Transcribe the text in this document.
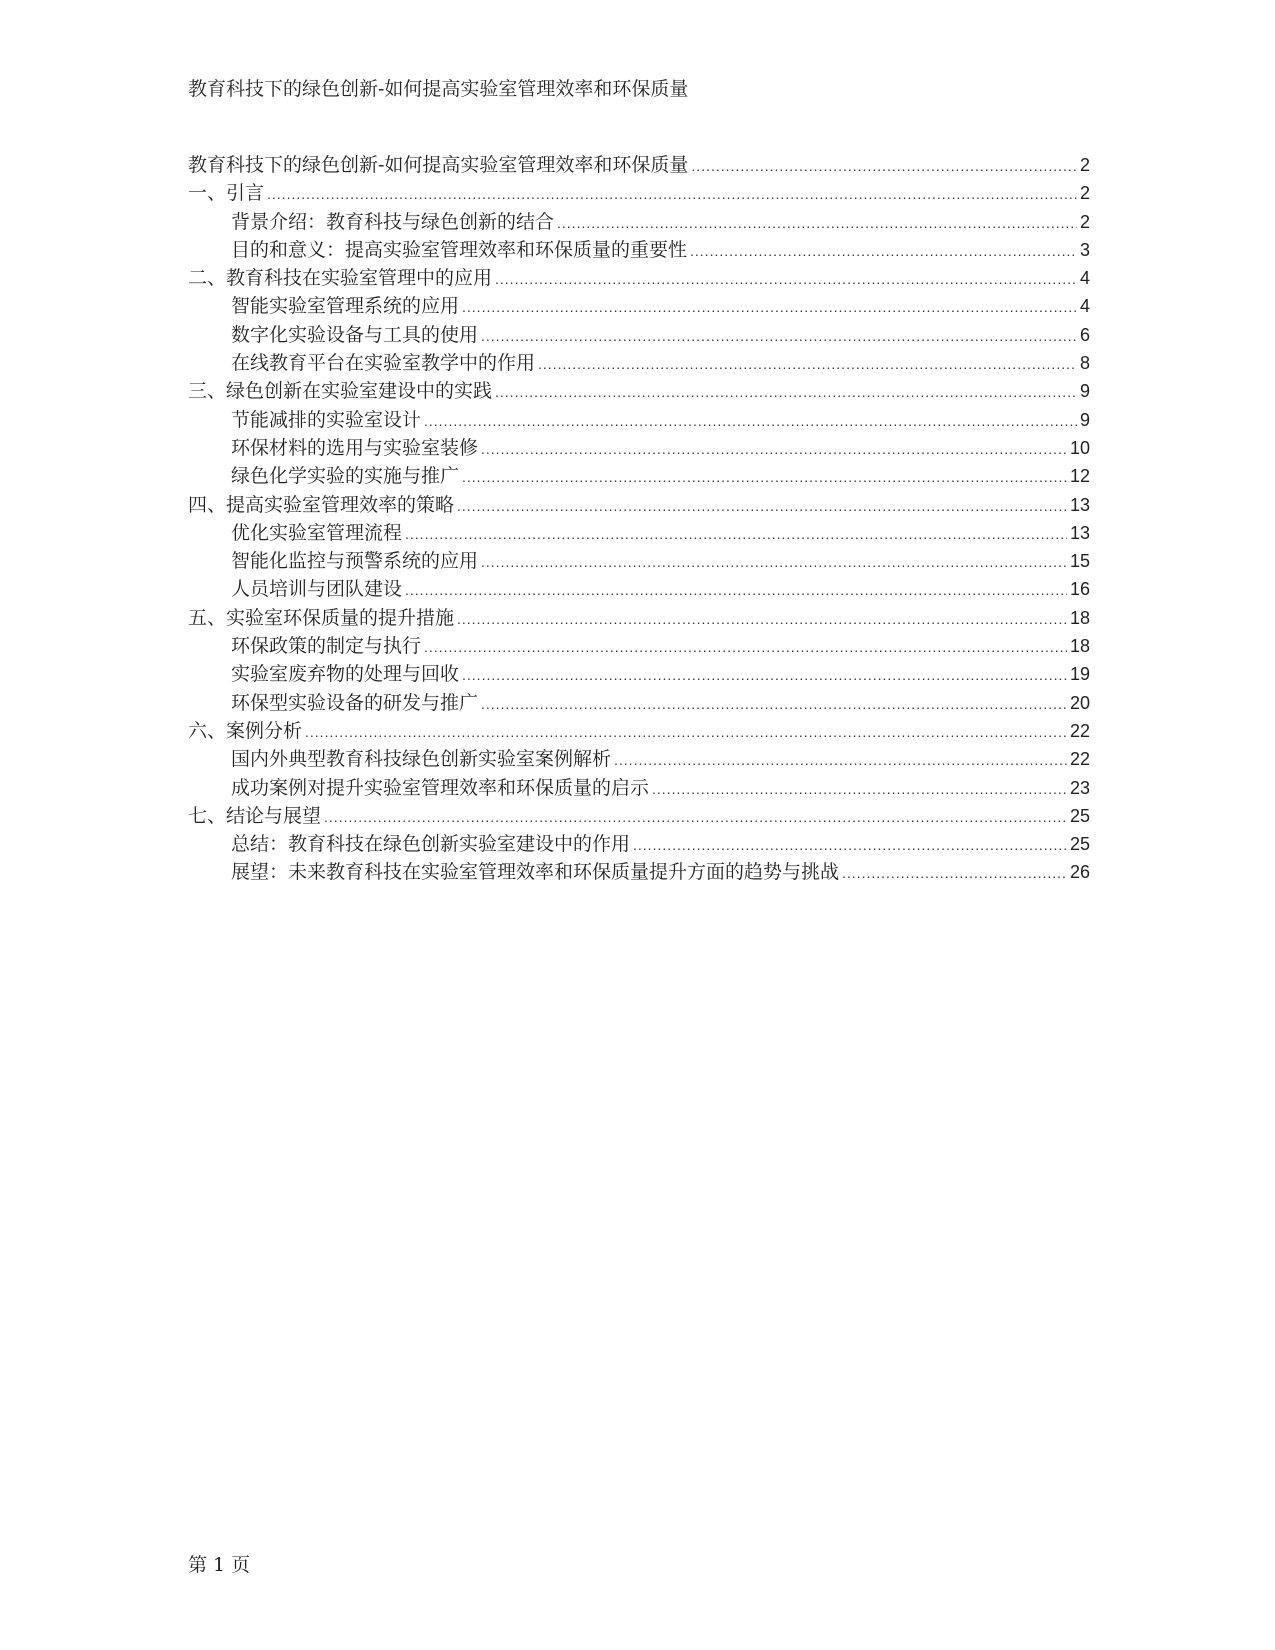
教育科技下的绿色创新-如何提高实验室管理效率和环保质量
教育科技下的绿色创新-如何提高实验室管理效率和环保质量 .....	2
一、引言 .....	2
背景介绍：教育科技与绿色创新的结合 .....	2
目的和意义：提高实验室管理效率和环保质量的重要性 .....	3
二、教育科技在实验室管理中的应用 .....	4
智能实验室管理系统的应用 .....	4
数字化实验设备与工具的使用 .....	6
在线教育平台在实验室教学中的作用 .....	8
三、绿色创新在实验室建设中的实践 .....	9
节能减排的实验室设计 .....	9
环保材料的选用与实验室装修 .....	10
绿色化学实验的实施与推广 .....	12
四、提高实验室管理效率的策略 .....	13
优化实验室管理流程 .....	13
智能化监控与预警系统的应用 .....	15
人员培训与团队建设 .....	16
五、实验室环保质量的提升措施 .....	18
环保政策的制定与执行 .....	18
实验室废弃物的处理与回收 .....	19
环保型实验设备的研发与推广 .....	20
六、案例分析 .....	22
国内外典型教育科技绿色创新实验室案例解析 .....	22
成功案例对提升实验室管理效率和环保质量的启示 .....	23
七、结论与展望 .....	25
总结：教育科技在绿色创新实验室建设中的作用 .....	25
展望：未来教育科技在实验室管理效率和环保质量提升方面的趋势与挑战 .....	26
第 1 页
